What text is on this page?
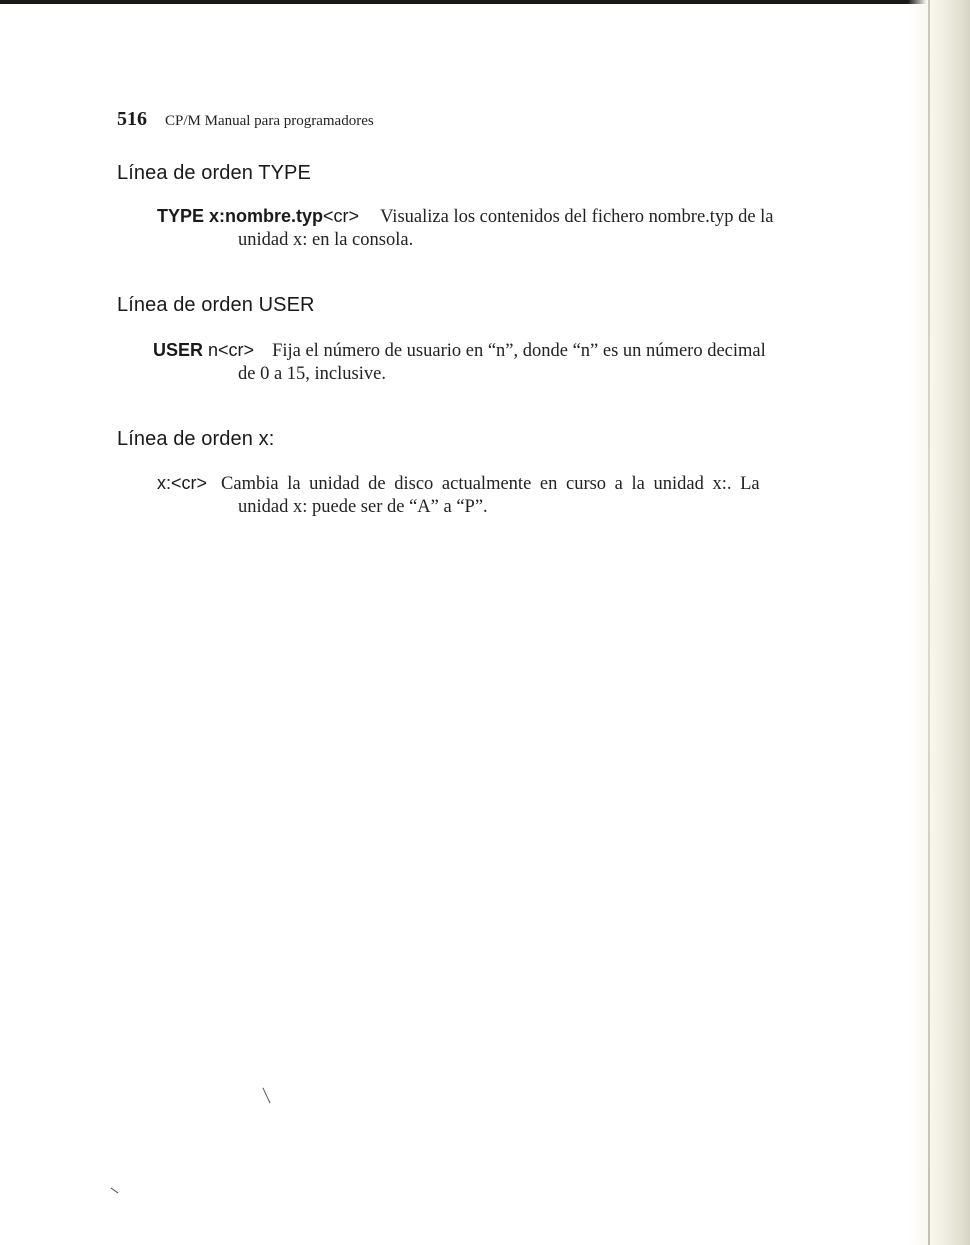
516 CP/M Manual para programadores
Línea de orden TYPE
TYPE x:nombre.typ<cr> Visualiza los contenidos del fichero nombre.typ de la
unidad x: en la consola.
Línea de orden USER
USER n<cr> Fija el número de usuario en “n”, donde “n” es un número decimal
de 0 a 15, inclusive.
Línea de orden x:
x:<cr> Cambia la unidad de disco actualmente en curso a la unidad x:. La
unidad x: puede ser de “A” a “P”.
